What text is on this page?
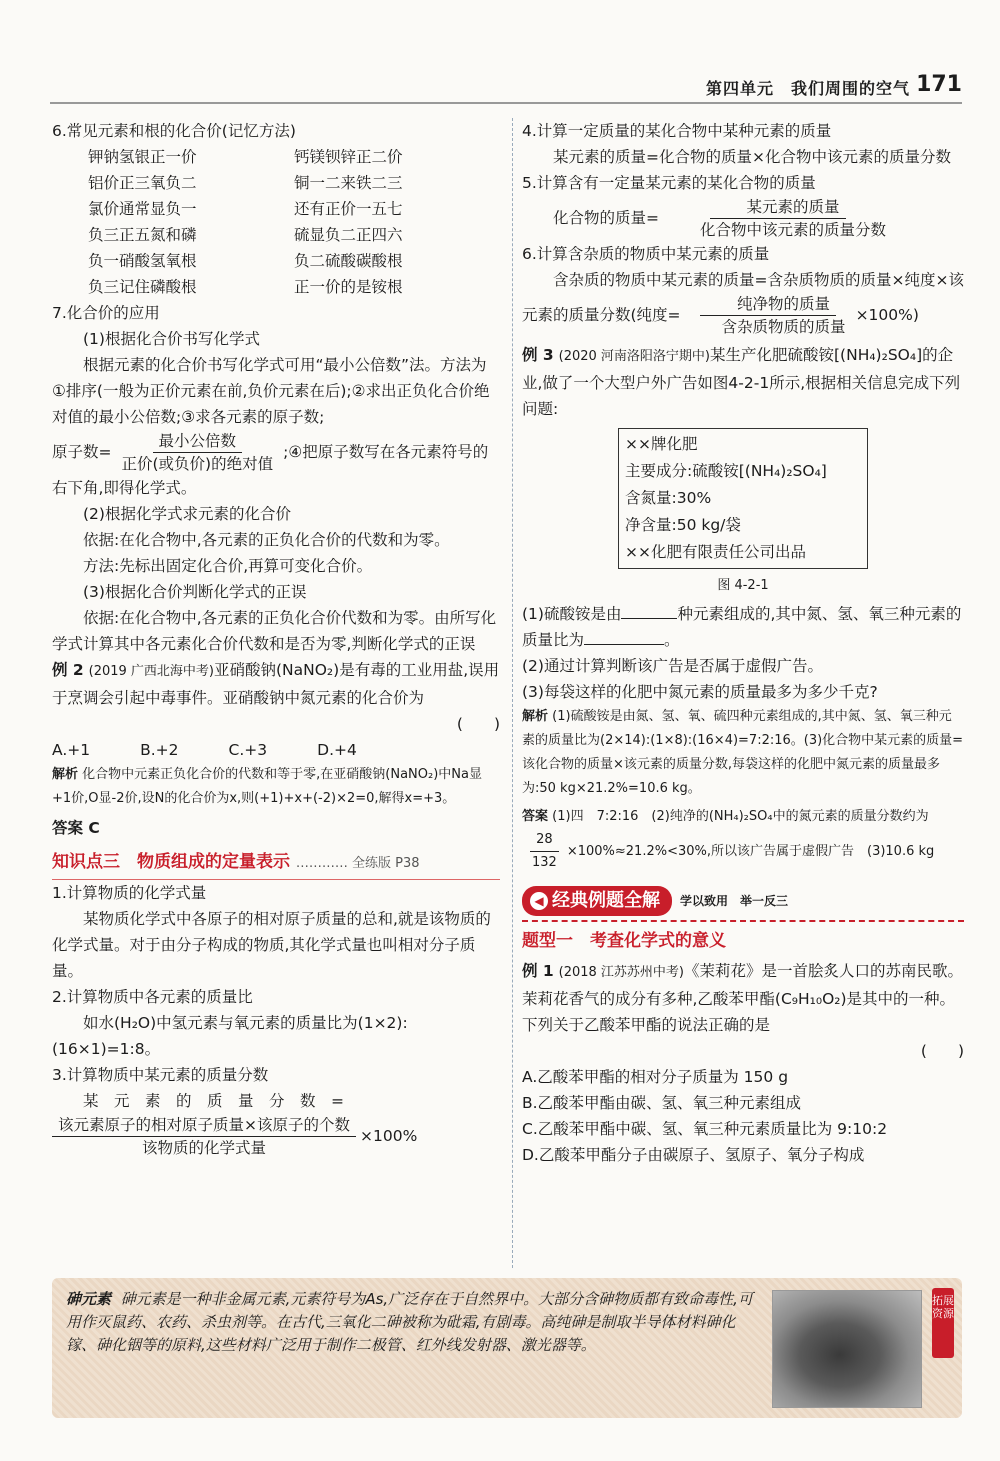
第四单元　我们周围的空气 171

6.常见元素和根的化合价(记忆方法)

钾钠氢银正一价	钙镁钡锌正二价
铝价正三氧负二	铜一二来铁二三
氯价通常显负一	还有正价一五七
负三正五氮和磷	硫显负二正四六
负一硝酸氢氧根	负二硫酸碳酸根
负三记住磷酸根	正一价的是铵根

7.化合价的应用

(1)根据化合价书写化学式

根据元素的化合价书写化学式可用“最小公倍数”法。方法为①排序(一般为正价元素在前,负价元素在后);②求出正负化合价绝对值的最小公倍数;③求各元素的原子数;

原子数= $\frac{\text{最小公倍数}}{\text{正价(或负价)的绝对值}}$ ;④把原子数写在各元素符号的右下角,即得化学式。

(2)根据化学式求元素的化合价

依据:在化合物中,各元素的正负化合价的代数和为零。

方法:先标出固定化合价,再算可变化合价。

(3)根据化合价判断化学式的正误

依据:在化合物中,各元素的正负化合价代数和为零。由所写化学式计算其中各元素化合价代数和是否为零,判断化学式的正误

例 2 (2019 广西北海中考)亚硝酸钠(NaNO₂)是有毒的工业用盐,误用于烹调会引起中毒事件。亚硝酸钠中氮元素的化合价为

(　　)

A.+1	B.+2	C.+3	D.+4

解析 化合物中元素正负化合价的代数和等于零,在亚硝酸钠(NaNO₂)中Na显+1价,O显-2价,设N的化合价为x,则(+1)+x+(-2)×2=0,解得x=+3。

答案 C

知识点三　物质组成的定量表示 ………… 全练版 P38

1.计算物质的化学式量

某物质化学式中各原子的相对原子质量的总和,就是该物质的化学式量。对于由分子构成的物质,其化学式量也叫相对分子质量。

2.计算物质中各元素的质量比

如水(H₂O)中氢元素与氧元素的质量比为(1×2):(16×1)=1:8。

3.计算物质中某元素的质量分数

某　元　素　的　质　量　分　数　=

$\frac{\text{该元素原子的相对原子质量×该原子的个数}}{\text{该物质的化学式量}} \times 100\%$

4.计算一定质量的某化合物中某种元素的质量

某元素的质量=化合物的质量×化合物中该元素的质量分数

5.计算含有一定量某元素的某化合物的质量

化合物的质量= $\frac{\text{某元素的质量}}{\text{化合物中该元素的质量分数}}$

6.计算含杂质的物质中某元素的质量

含杂质的物质中某元素的质量=含杂质物质的质量×纯度×该元素的质量分数(纯度= $\frac{\text{纯净物的质量}}{\text{含杂质物质的质量}} \times 100\%$)

例 3 (2020 河南洛阳洛宁期中)某生产化肥硫酸铵[(NH₄)₂SO₄]的企业,做了一个大型户外广告如图4-2-1所示,根据相关信息完成下列问题:

××牌化肥
主要成分:硫酸铵[(NH₄)₂SO₄]
含氮量:30%
净含量:50 kg/袋
××化肥有限责任公司出品
图 4-2-1

(1)硫酸铵是由	种元素组成的,其中氮、氢、氧三种元素的质量比为	。

(2)通过计算判断该广告是否属于虚假广告。

(3)每袋这样的化肥中氮元素的质量最多为多少千克?

解析 (1)硫酸铵是由氮、氢、氧、硫四种元素组成的,其中氮、氢、氧三种元素的质量比为(2×14):(1×8):(16×4)=7:2:16。(3)化合物中某元素的质量=该化合物的质量×该元素的质量分数,每袋这样的化肥中氮元素的质量最多为:50 kg×21.2%=10.6 kg。

答案 (1)四　7:2:16　(2)纯净的(NH₄)₂SO₄中的氮元素的质量分数约为
$\frac{28}{132} \times 100\%\approx 21.2\%<30\%$,所以该广告属于虚假广告　(3)10.6 kg

◀ 经典例题全解 学以致用　举一反三
题型一　考查化学式的意义

例 1 (2018 江苏苏州中考)《茉莉花》是一首脍炙人口的苏南民歌。茉莉花香气的成分有多种,乙酸苯甲酯(C₉H₁₀O₂)是其中的一种。下列关于乙酸苯甲酯的说法正确的是

(　　)

A.乙酸苯甲酯的相对分子质量为 150 g

B.乙酸苯甲酯由碳、氢、氧三种元素组成

C.乙酸苯甲酯中碳、氢、氧三种元素质量比为 9:10:2

D.乙酸苯甲酯分子由碳原子、氢原子、氧分子构成

砷元素 砷元素是一种非金属元素,元素符号为As,广泛存在于自然界中。大部分含砷物质都有致命毒性,可用作灭鼠药、农药、杀虫剂等。在古代,三氧化二砷被称为砒霜,有剧毒。高纯砷是制取半导体材料砷化镓、砷化铟等的原料,这些材料广泛用于制作二极管、红外线发射器、激光器等。
拓展资源
